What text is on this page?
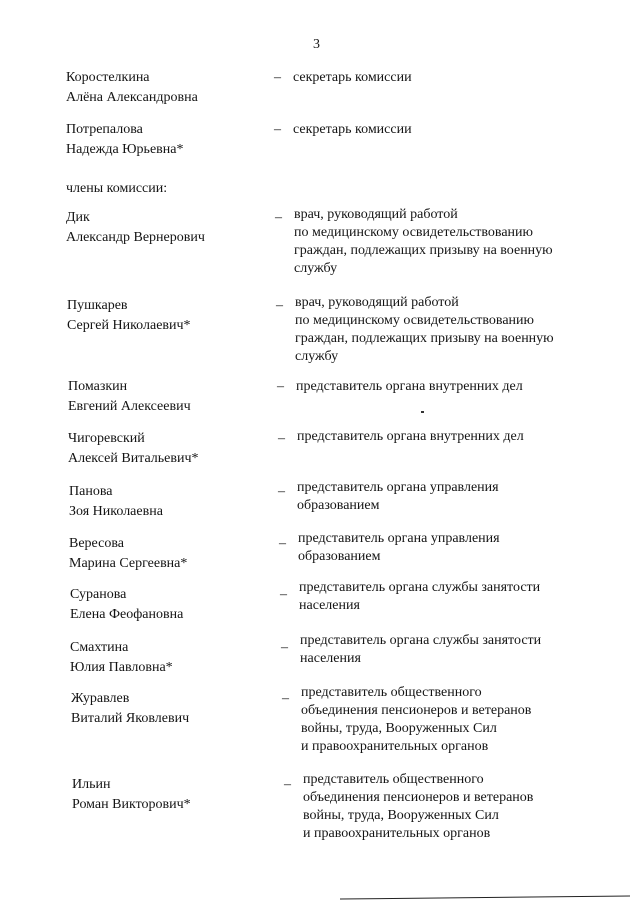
3
Коростелкина
Алёна Александровна
– секретарь комиссии
Потрепалова
Надежда Юрьевна*
– секретарь комиссии
члены комиссии:
Дик
Александр Вернерович
– врач, руководящий работой
по медицинскому освидетельствованию
граждан, подлежащих призыву на военную
службу
Пушкарев
Сергей Николаевич*
– врач, руководящий работой
по медицинскому освидетельствованию
граждан, подлежащих призыву на военную
службу
Помазкин
Евгений Алексеевич
– представитель органа внутренних дел
Чигоревский
Алексей Витальевич*
– представитель органа внутренних дел
Панова
Зоя Николаевна
– представитель органа управления
образованием
Вересова
Марина Сергеевна*
– представитель органа управления
образованием
Суранова
Елена Феофановна
– представитель органа службы занятости
населения
Смахтина
Юлия Павловна*
– представитель органа службы занятости
населения
Журавлев
Виталий Яковлевич
– представитель общественного
объединения пенсионеров и ветеранов
войны, труда, Вооруженных Сил
и правоохранительных органов
Ильин
Роман Викторович*
– представитель общественного
объединения пенсионеров и ветеранов
войны, труда, Вооруженных Сил
и правоохранительных органов
